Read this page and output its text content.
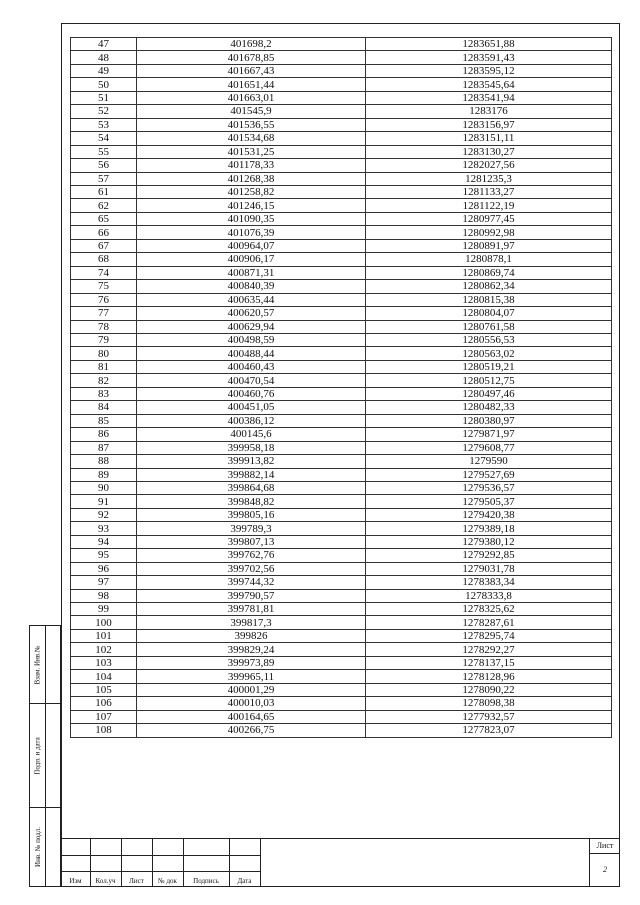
47	401698,2	1283651,88
48	401678,85	1283591,43
49	401667,43	1283595,12
50	401651,44	1283545,64
51	401663,01	1283541,94
52	401545,9	1283176
53	401536,55	1283156,97
54	401534,68	1283151,11
55	401531,25	1283130,27
56	401178,33	1282027,56
57	401268,38	1281235,3
61	401258,82	1281133,27
62	401246,15	1281122,19
65	401090,35	1280977,45
66	401076,39	1280992,98
67	400964,07	1280891,97
68	400906,17	1280878,1
74	400871,31	1280869,74
75	400840,39	1280862,34
76	400635,44	1280815,38
77	400620,57	1280804,07
78	400629,94	1280761,58
79	400498,59	1280556,53
80	400488,44	1280563,02
81	400460,43	1280519,21
82	400470,54	1280512,75
83	400460,76	1280497,46
84	400451,05	1280482,33
85	400386,12	1280380,97
86	400145,6	1279871,97
87	399958,18	1279608,77
88	399913,82	1279590
89	399882,14	1279527,69
90	399864,68	1279536,57
91	399848,82	1279505,37
92	399805,16	1279420,38
93	399789,3	1279389,18
94	399807,13	1279380,12
95	399762,76	1279292,85
96	399702,56	1279031,78
97	399744,32	1278383,34
98	399790,57	1278333,8
99	399781,81	1278325,62
100	399817,3	1278287,61
101	399826	1278295,74
102	399829,24	1278292,27
103	399973,89	1278137,15
104	399965,11	1278128,96
105	400001,29	1278090,22
106	400010,03	1278098,38
107	400164,65	1277932,57
108	400266,75	1277823,07
Взам. Инв.№
Подп. и дата
Инв. № подл.
Изм	Кол.уч	Лист	№ док	Подпись	Дата
Лист
2
